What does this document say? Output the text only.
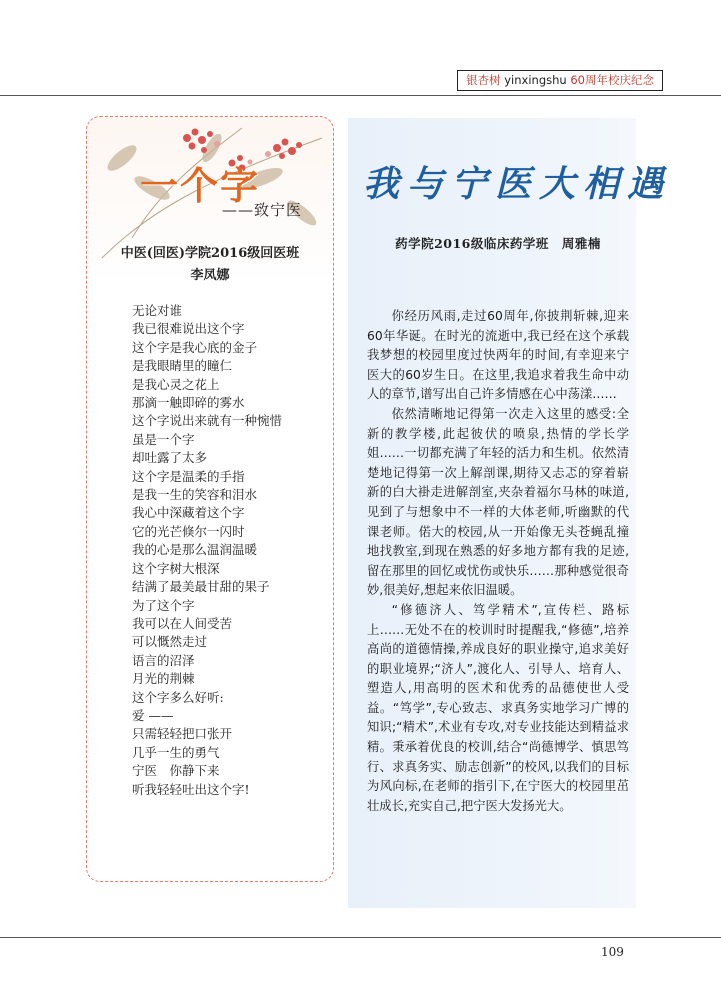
银杏树 yinxingshu 60周年校庆纪念
一个字
——致宁医
中医(回医)学院2016级回医班
李凤娜
无论对谁
我已很难说出这个字
这个字是我心底的金子
是我眼睛里的瞳仁
是我心灵之花上
那滴一触即碎的雾水
这个字说出来就有一种惋惜
虽是一个字
却吐露了太多
这个字是温柔的手指
是我一生的笑容和泪水
我心中深藏着这个字
它的光芒倏尔一闪时
我的心是那么温润温暖
这个字树大根深
结满了最美最甘甜的果子
为了这个字
我可以在人间受苦
可以慨然走过
语言的沼泽
月光的荆棘
这个字多么好听:
爱 ——
只需轻轻把口张开
几乎一生的勇气
宁医　你静下来
听我轻轻吐出这个字!
我与宁医大相遇
药学院2016级临床药学班　周雅楠

你经历风雨,走过60周年,你披荆斩棘,迎来60年华诞。在时光的流逝中,我已经在这个承载我梦想的校园里度过快两年的时间,有幸迎来宁医大的60岁生日。在这里,我追求着我生命中动人的章节,谱写出自己许多情感在心中荡漾……

依然清晰地记得第一次走入这里的感受:全新的教学楼,此起彼伏的喷泉,热情的学长学姐……一切都充满了年轻的活力和生机。依然清楚地记得第一次上解剖课,期待又忐忑的穿着崭新的白大褂走进解剖室,夹杂着福尔马林的味道,见到了与想象中不一样的大体老师,听幽默的代课老师。偌大的校园,从一开始像无头苍蝇乱撞地找教室,到现在熟悉的好多地方都有我的足迹,留在那里的回忆或忧伤或快乐……那种感觉很奇妙,很美好,想起来依旧温暖。

“修德济人、笃学精术”,宣传栏、路标上……无处不在的校训时时提醒我,“修德”,培养高尚的道德情操,养成良好的职业操守,追求美好的职业境界;“济人”,渡化人、引导人、培育人、塑造人,用高明的医术和优秀的品德使世人受益。“笃学”,专心致志、求真务实地学习广博的知识;“精术”,术业有专攻,对专业技能达到精益求精。秉承着优良的校训,结合“尚德博学、慎思笃行、求真务实、励志创新”的校风,以我们的目标为风向标,在老师的指引下,在宁医大的校园里茁壮成长,充实自己,把宁医大发扬光大。

109
